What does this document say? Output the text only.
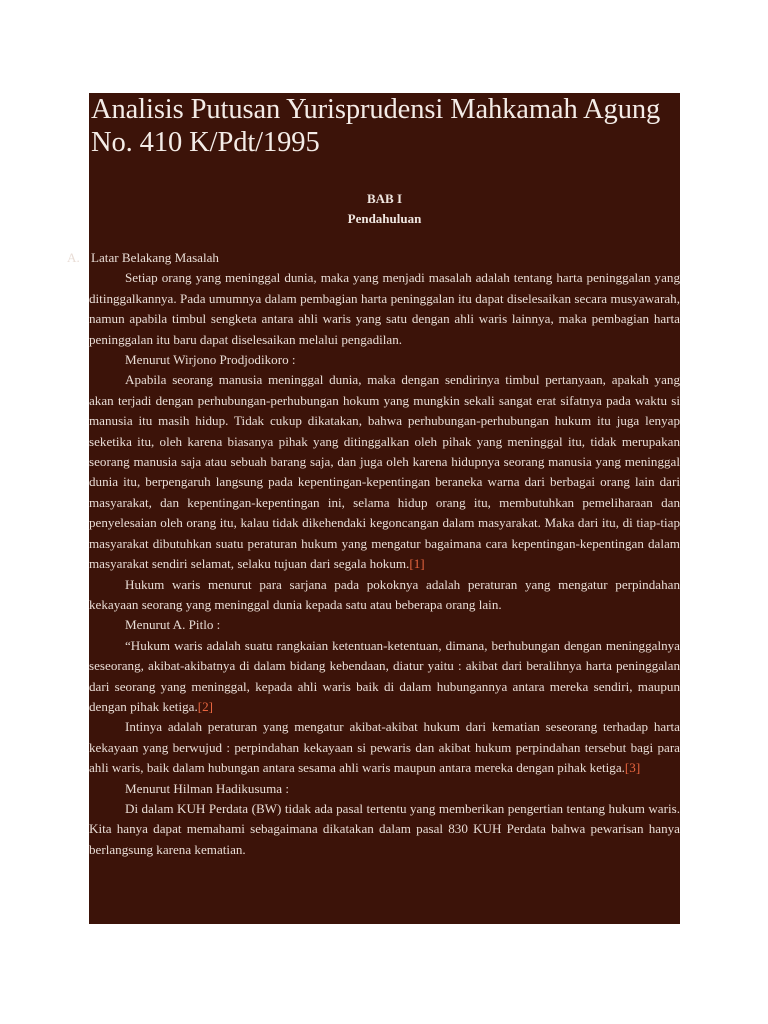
Analisis Putusan Yurisprudensi Mahkamah Agung No. 410 K/Pdt/1995

BAB I

Pendahuluan

A. Latar Belakang Masalah

Setiap orang yang meninggal dunia, maka yang menjadi masalah adalah tentang harta peninggalan yang ditinggalkannya. Pada umumnya dalam pembagian harta peninggalan itu dapat diselesaikan secara musyawarah, namun apabila timbul sengketa antara ahli waris yang satu dengan ahli waris lainnya, maka pembagian harta peninggalan itu baru dapat diselesaikan melalui pengadilan.

Menurut Wirjono Prodjodikoro :

Apabila seorang manusia meninggal dunia, maka dengan sendirinya timbul pertanyaan, apakah yang akan terjadi dengan perhubungan-perhubungan hokum yang mungkin sekali sangat erat sifatnya pada waktu si manusia itu masih hidup. Tidak cukup dikatakan, bahwa perhubungan-perhubungan hukum itu juga lenyap seketika itu, oleh karena biasanya pihak yang ditinggalkan oleh pihak yang meninggal itu, tidak merupakan seorang manusia saja atau sebuah barang saja, dan juga oleh karena hidupnya seorang manusia yang meninggal dunia itu, berpengaruh langsung pada kepentingan-kepentingan beraneka warna dari berbagai orang lain dari masyarakat, dan kepentingan-kepentingan ini, selama hidup orang itu, membutuhkan pemeliharaan dan penyelesaian oleh orang itu, kalau tidak dikehendaki kegoncangan dalam masyarakat. Maka dari itu, di tiap-tiap masyarakat dibutuhkan suatu peraturan hukum yang mengatur bagaimana cara kepentingan-kepentingan dalam masyarakat sendiri selamat, selaku tujuan dari segala hokum.[1]

Hukum waris menurut para sarjana pada pokoknya adalah peraturan yang mengatur perpindahan kekayaan seorang yang meninggal dunia kepada satu atau beberapa orang lain.

Menurut A. Pitlo :

“Hukum waris adalah suatu rangkaian ketentuan-ketentuan, dimana, berhubungan dengan meninggalnya seseorang, akibat-akibatnya di dalam bidang kebendaan, diatur yaitu : akibat dari beralihnya harta peninggalan dari seorang yang meninggal, kepada ahli waris baik di dalam hubungannya antara mereka sendiri, maupun dengan pihak ketiga.[2]

Intinya adalah peraturan yang mengatur akibat-akibat hukum dari kematian seseorang terhadap harta kekayaan yang berwujud : perpindahan kekayaan si pewaris dan akibat hukum perpindahan tersebut bagi para ahli waris, baik dalam hubungan antara sesama ahli waris maupun antara mereka dengan pihak ketiga.[3]

Menurut Hilman Hadikusuma :

Di dalam KUH Perdata (BW) tidak ada pasal tertentu yang memberikan pengertian tentang hukum waris. Kita hanya dapat memahami sebagaimana dikatakan dalam pasal 830 KUH Perdata bahwa pewarisan hanya berlangsung karena kematian.
